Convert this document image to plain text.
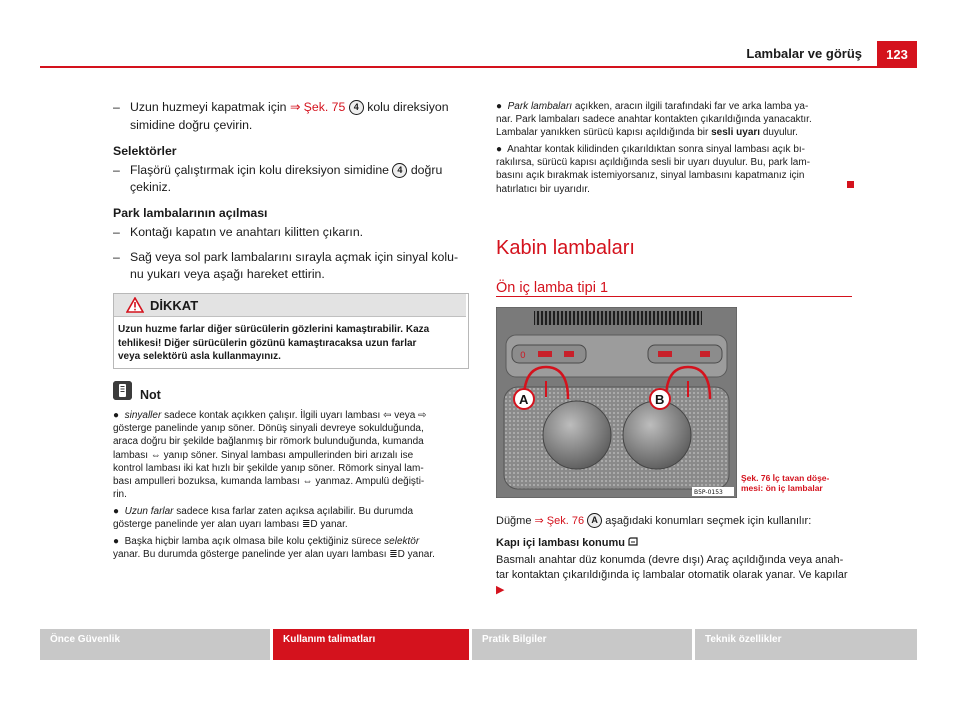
Lambalar ve görüş	123
– Uzun huzmeyi kapatmak için ⇒ Şek. 75 4 kolu direksiyon
simidine doğru çevirin.
Selektörler
– Flaşörü çalıştırmak için kolu direksiyon simidine 4 doğru
çekiniz.
Park lambalarının açılması
– Kontağı kapatın ve anahtarı kilitten çıkarın.
– Sağ veya sol park lambalarını sırayla açmak için sinyal kolu-
nu yukarı veya aşağı hareket ettirin.
DİKKAT
Uzun huzme farlar diğer sürücülerin gözlerini kamaştırabilir. Kaza
tehlikesi! Diğer sürücülerin gözünü kamaştıracaksa uzun farlar
veya selektörü asla kullanmayınız.
Not
● sinyaller sadece kontak açıkken çalışır. İlgili uyarı lambası ⇦ veya ⇨
gösterge panelinde yanıp söner. Dönüş sinyali devreye sokulduğunda,
araca doğru bir şekilde bağlanmış bir römork bulunduğunda, kumanda
lambası ⇔ yanıp söner. Sinyal lambası ampullerinden biri arızalı ise
kontrol lambası iki kat hızlı bir şekilde yanıp söner. Römork sinyal lam-
bası ampulleri bozuksa, kumanda lambası ⇔ yanmaz. Ampulü değişti-
rin.
● Uzun farlar sadece kısa farlar zaten açıksa açılabilir. Bu durumda
gösterge panelinde yer alan uyarı lambası ≣D yanar.
● Başka hiçbir lamba açık olmasa bile kolu çektiğiniz sürece selektör
yanar. Bu durumda gösterge panelinde yer alan uyarı lambası ≣D yanar.
● Park lambaları açıkken, aracın ilgili tarafındaki far ve arka lamba ya-
nar. Park lambaları sadece anahtar kontakten çıkarıldığında yanacaktır.
Lambalar yanıkken sürücü kapısı açıldığında bir sesli uyarı duyulur.
● Anahtar kontak kilidinden çıkarıldıktan sonra sinyal lambası açık bı-
rakılırsa, sürücü kapısı açıldığında sesli bir uyarı duyulur. Bu, park lam-
basını açık bırakmak istemiyorsanız, sinyal lambasını kapatmanız için
hatırlatıcı bir uyarıdır.
Kabin lambaları
Ön iç lamba tipi 1
0
A	B
B5P-0153
Şek. 76 İç tavan döşe-
mesi: ön iç lambalar
Düğme ⇒ Şek. 76 A aşağıdaki konumları seçmek için kullanılır:
Kapı içi lambası konumu
Basmalı anahtar düz konumda (devre dışı) Araç açıldığında veya anah-
tar kontaktan çıkarıldığında iç lambalar otomatik olarak yanar. Ve kapılar ▶
Önce Güvenlik	Kullanım talimatları	Pratik Bilgiler	Teknik özellikler
